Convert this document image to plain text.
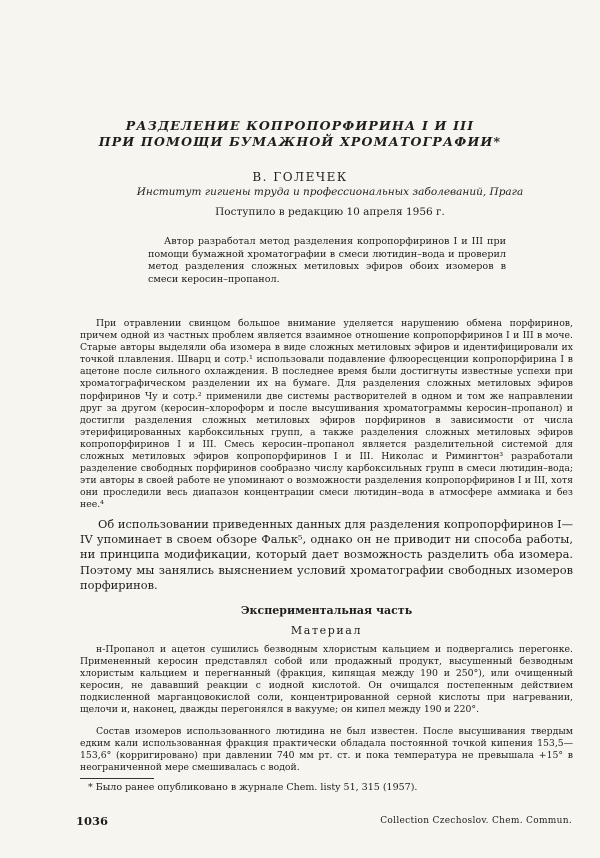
РАЗДЕЛЕНИЕ КОПРОПОРФИРИНА I И III
ПРИ ПОМОЩИ БУМАЖНОЙ ХРОМАТОГРАФИИ*
В. ГОЛЕЧЕК
Институт гигиены труда и профессиональных заболеваний, Прага
Поступило в редакцию 10 апреля 1956 г.
Автор разработал метод разделения копропорфиринов I и III при помощи бумажной хроматографии в смеси лютидин–вода и проверил метод разделения сложных метиловых эфиров обоих изомеров в смеси керосин–пропанол.
При отравлении свинцом большое внимание уделяется нарушению обмена порфиринов, причем одной из частных проблем является взаимное отношение копропорфиринов I и III в моче. Старые авторы выделяли оба изомера в виде сложных метиловых эфиров и идентифицировали их точкой плавления. Шварц и сотр.¹ использовали подавление флюоресценции копропорфирина I в ацетоне после сильного охлаждения. В последнее время были достигнуты известные успехи при хроматографическом разделении их на бумаге. Для разделения сложных метиловых эфиров порфиринов Чу и сотр.² применили две системы растворителей в одном и том же направлении друг за другом (керосин–хлороформ и после высушивания хроматограммы керосин–пропанол) и достигли разделения сложных метиловых эфиров порфиринов в зависимости от числа этерифицированных карбоксильных групп, а также разделения сложных метиловых эфиров копропорфиринов I и III. Смесь керосин–пропанол является разделительной системой для сложных метиловых эфиров копропорфиринов I и III. Николас и Римингтон³ разработали разделение свободных порфиринов сообразно числу карбоксильных групп в смеси лютидин–вода; эти авторы в своей работе не упоминают о возможности разделения копропорфиринов I и III, хотя они проследили весь диапазон концентрации смеси лютидин–вода в атмосфере аммиака и без нее.⁴
Об использовании приведенных данных для разделения копропорфиринов I—IV упоминает в своем обзоре Фальк⁵, однако он не приводит ни способа работы, ни принципа модификации, который дает возможность разделить оба изомера. Поэтому мы занялись выяснением условий хроматографии свободных изомеров порфиринов.
Экспериментальная часть
Материал
н-Пропанол и ацетон сушились безводным хлористым кальцием и подвергались перегонке. Примененный керосин представлял собой или продажный продукт, высушенный безводным хлористым кальцием и перегнанный (фракция, кипящая между 190 и 250°), или очищенный керосин, не дававший реакции с иодной кислотой. Он очищался постепенным действием подкисленной марганцовокислой соли, концентрированной серной кислоты при нагревании, щелочи и, наконец, дважды перегонялся в вакууме; он кипел между 190 и 220°.
Состав изомеров использованного лютидина не был известен. После высушивания твердым едким кали использованная фракция практически обладала постоянной точкой кипения 153,5—153,6° (корригировано) при давлении 740 мм рт. ст. и пока температура не превышала +15° в неограниченной мере смешивалась с водой.
* Было ранее опубликовано в журнале Chem. listy 51, 315 (1957).
1036	Collection Czechoslov. Chem. Commun.
